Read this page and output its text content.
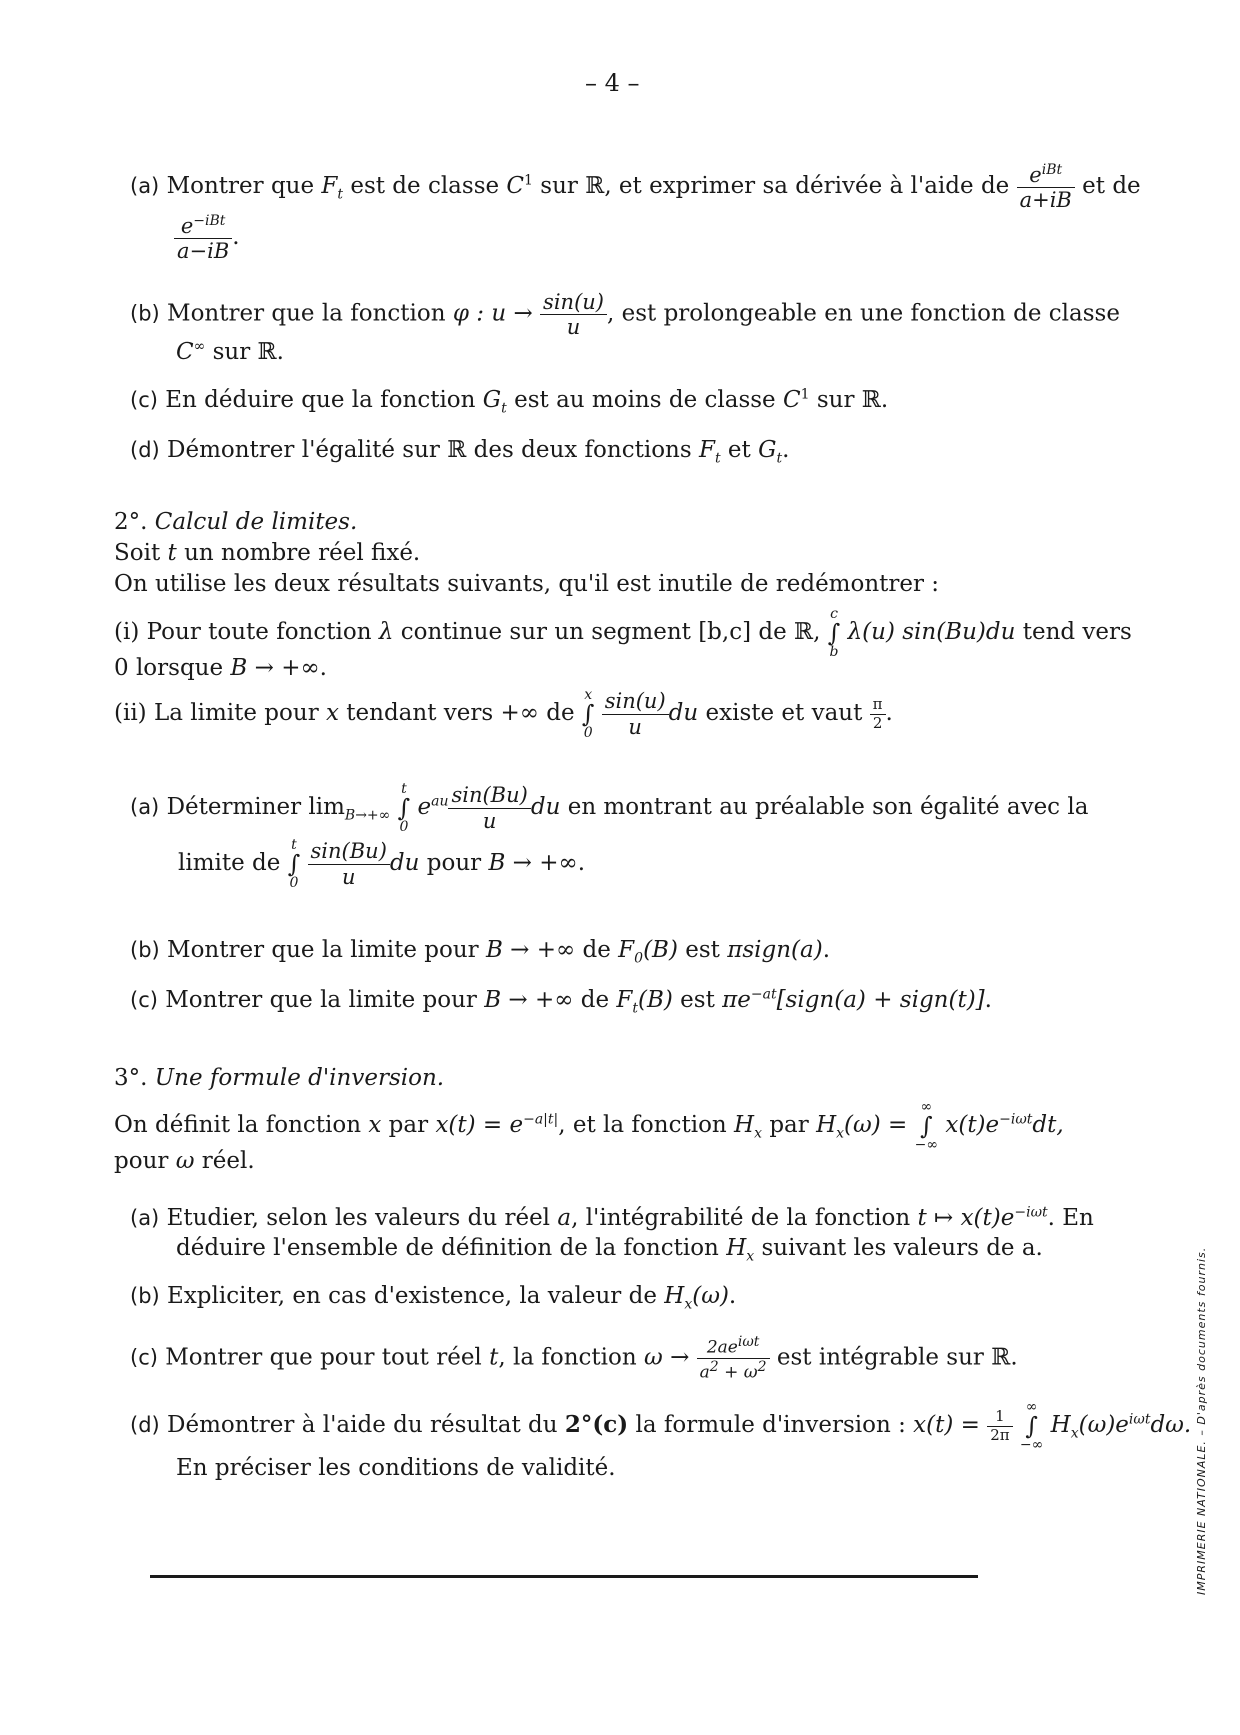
– 4 –
(a) Montrer que $F_t$ est de classe $C^1$ sur ℝ, et exprimer sa dérivée à l'aide de $\frac{e^{iBt}}{a+iB}$ et de
$\frac{e^{-iBt}}{a-iB}$ .
(b) Montrer que la fonction φ : $u \to \frac{\sin(u)}{u}$ , est prolongeable en une fonction de classe
C∞ sur ℝ.
(c) En déduire que la fonction $G_t$ est au moins de classe $C^1$ sur ℝ.
(d) Démontrer l'égalité sur ℝ des deux fonctions $F_t$ et $G_t$.
2°. Calcul de limites.
Soit t un nombre réel fixé.
On utilise les deux résultats suivants, qu'il est inutile de redémontrer :
(i) Pour toute fonction λ continue sur un segment [b,c] de ℝ,
c
∫
b
λ(u) sin(Bu)du tend vers
0 lorsque B → +∞.
(ii) La limite pour x tendant vers +∞ de
x
∫
0
$\frac{\sin(u)}{u}$ du existe et vaut $\frac{\pi}{2}$ .
(a) Déterminer $\lim_{B\to+\infty}$
t
∫
0
$e^{au} \frac{\sin(Bu)}{u}$ du en montrant au préalable son égalité avec la
limite de
t
∫
0
$\frac{\sin(Bu)}{u}$ du pour B → +∞.
(b) Montrer que la limite pour B → +∞ de $F_0(B)$ est πsign(a).
(c) Montrer que la limite pour B → +∞ de $F_t(B)$ est $\pi e^{-at}[sign(a)$ + sign(t)].
3°. Une formule d'inversion.
On définit la fonction x par $x(t) = e^{-a|t|}$, et la fonction $H_x$ par $H_x(\omega)$ =
∞
∫
−∞
$x(t)e^{-i\omega t}dt$,
pour ω réel.
(a) Etudier, selon les valeurs du réel a, l'intégrabilité de la fonction t ↦ $x(t)e^{-i\omega t}$. En
déduire l'ensemble de définition de la fonction $H_x$ suivant les valeurs de a.
(b) Expliciter, en cas d'existence, la valeur de $H_x(\omega)$.
(c) Montrer que pour tout réel t, la fonction $\omega \to \frac{2ae^{i\omega t}}{a^2 + \omega^2}$ est intégrable sur ℝ.
(d) Démontrer à l'aide du résultat du 2°(c) la formule d'inversion : $x(t) = \frac{1}{2\pi}$

∞
∫
−∞
$H_x(\omega)e^{i\omega t}d\omega$.
En préciser les conditions de validité.	IMPRIMERIE NATIONALE. – D'après documents fournis.
